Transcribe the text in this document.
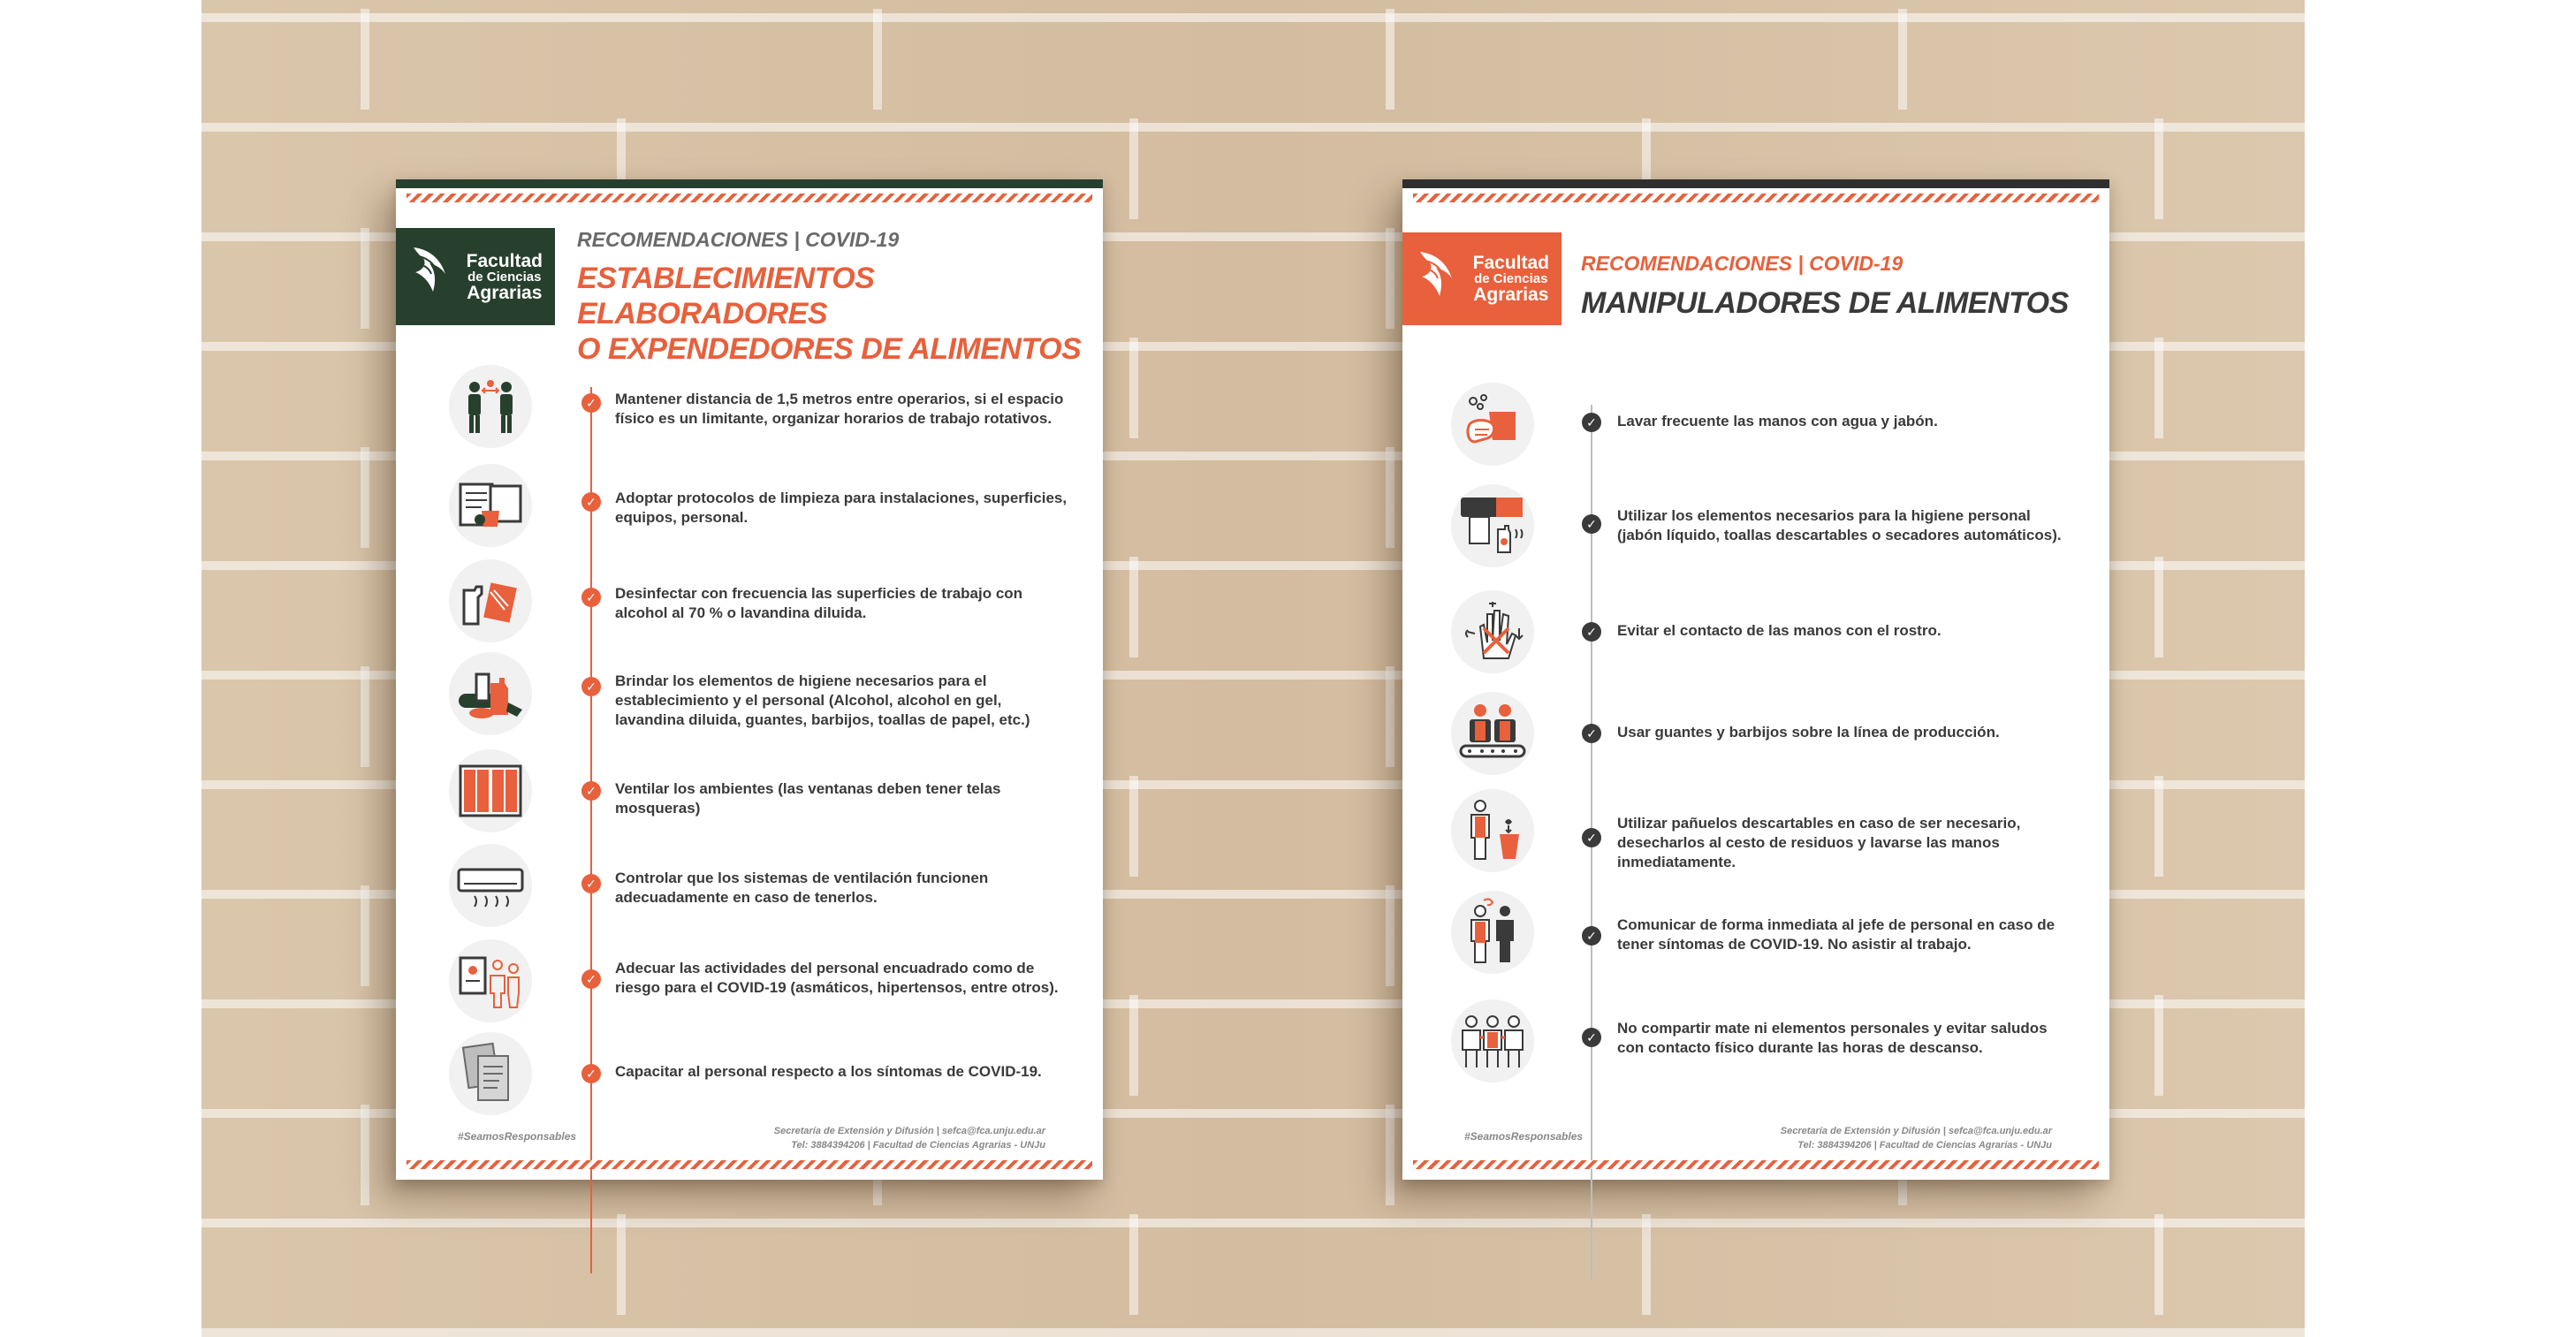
Facultad
de Ciencias
Agrarias
RECOMENDACIONES | COVID-19
ESTABLECIMIENTOS ELABORADORES
O EXPENDEDORES DE ALIMENTOS
✓	Mantener distancia de 1,5 metros entre operarios, si el espacio físico es un limitante, organizar horarios de trabajo rotativos.
✓	Adoptar protocolos de limpieza para instalaciones, superficies, equipos, personal.
✓	Desinfectar con frecuencia las superficies de trabajo con alcohol al 70 % o lavandina diluida.
✓	Brindar los elementos de higiene necesarios para el establecimiento y el personal (Alcohol, alcohol en gel, lavandina diluida, guantes, barbijos, toallas de papel, etc.)
✓	Ventilar los ambientes (las ventanas deben tener telas mosqueras)
✓	Controlar que los sistemas de ventilación funcionen adecuadamente en caso de tenerlos.
✓
Adecuar las actividades del personal encuadrado como de riesgo para el COVID-19 (asmáticos, hipertensos, entre otros).
✓	Capacitar al personal respecto a los síntomas de COVID-19.
#SeamosResponsables	Secretaría de Extensión y Difusión | sefca@fca.unju.edu.ar
Tel: 3884394206 | Facultad de Ciencias Agrarias - UNJu
Facultad
de Ciencias
Agrarias
RECOMENDACIONES | COVID-19
MANIPULADORES DE ALIMENTOS
✓	Lavar frecuente las manos con agua y jabón.
✓	Utilizar los elementos necesarios para la higiene personal (jabón líquido, toallas descartables o secadores automáticos).
✓	Evitar el contacto de las manos con el rostro.
✓	Usar guantes y barbijos sobre la línea de producción.
✓
Utilizar pañuelos descartables en caso de ser necesario, desecharlos al cesto de residuos y lavarse las manos inmediatamente.
✓
Comunicar de forma inmediata al jefe de personal en caso de tener síntomas de COVID-19. No asistir al trabajo.
✓
No compartir mate ni elementos personales y evitar saludos con contacto físico durante las horas de descanso.
#SeamosResponsables	Secretaría de Extensión y Difusión | sefca@fca.unju.edu.ar
Tel: 3884394206 | Facultad de Ciencias Agrarias - UNJu
